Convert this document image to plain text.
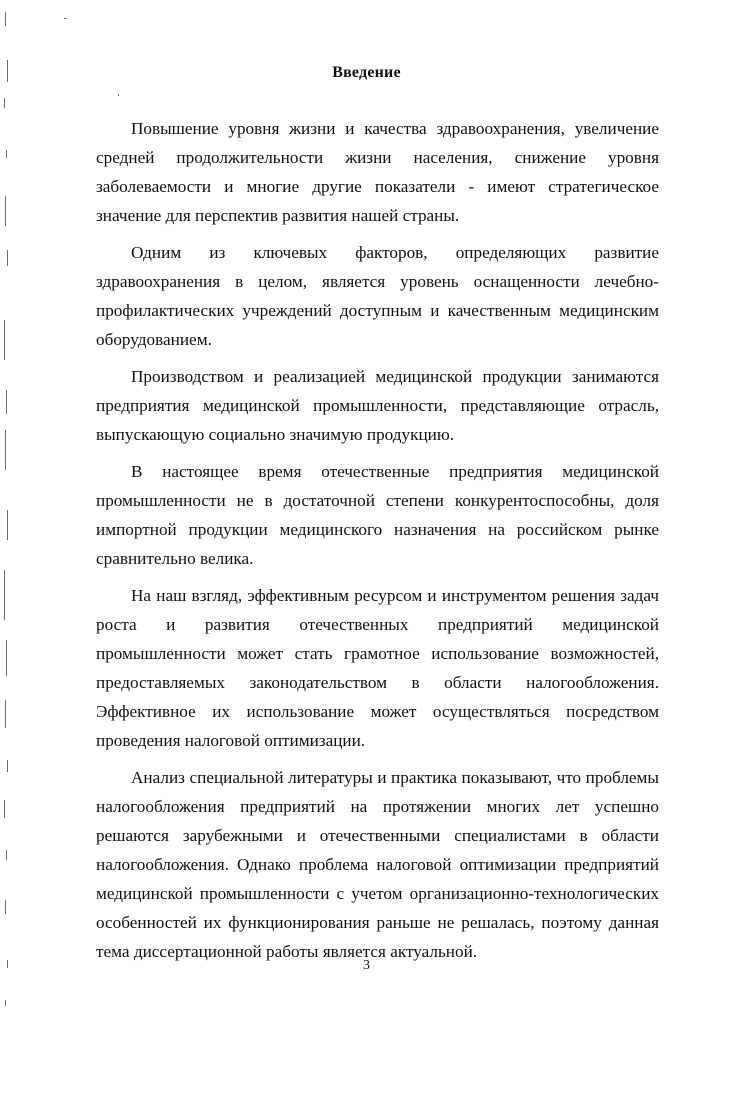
Введение

Повышение уровня жизни и качества здравоохранения, увеличение средней продолжительности жизни населения, снижение уровня заболеваемости и многие другие показатели - имеют стратегическое значение для перспектив развития нашей страны.

Одним из ключевых факторов, определяющих развитие здравоохранения в целом, является уровень оснащенности лечебно-профилактических учреждений доступным и качественным медицинским оборудованием.

Производством и реализацией медицинской продукции занимаются предприятия медицинской промышленности, представляющие отрасль, выпускающую социально значимую продукцию.

В настоящее время отечественные предприятия медицинской промышленности не в достаточной степени конкурентоспособны, доля импортной продукции медицинского назначения на российском рынке сравнительно велика.

На наш взгляд, эффективным ресурсом и инструментом решения задач роста и развития отечественных предприятий медицинской промышленности может стать грамотное использование возможностей, предоставляемых законодательством в области налогообложения. Эффективное их использование может осуществляться посредством проведения налоговой оптимизации.

Анализ специальной литературы и практика показывают, что проблемы налогообложения предприятий на протяжении многих лет успешно решаются зарубежными и отечественными специалистами в области налогообложения. Однако проблема налоговой оптимизации предприятий медицинской промышленности с учетом организационно-технологических особенностей их функционирования раньше не решалась, поэтому данная тема диссертационной работы является актуальной.

3
